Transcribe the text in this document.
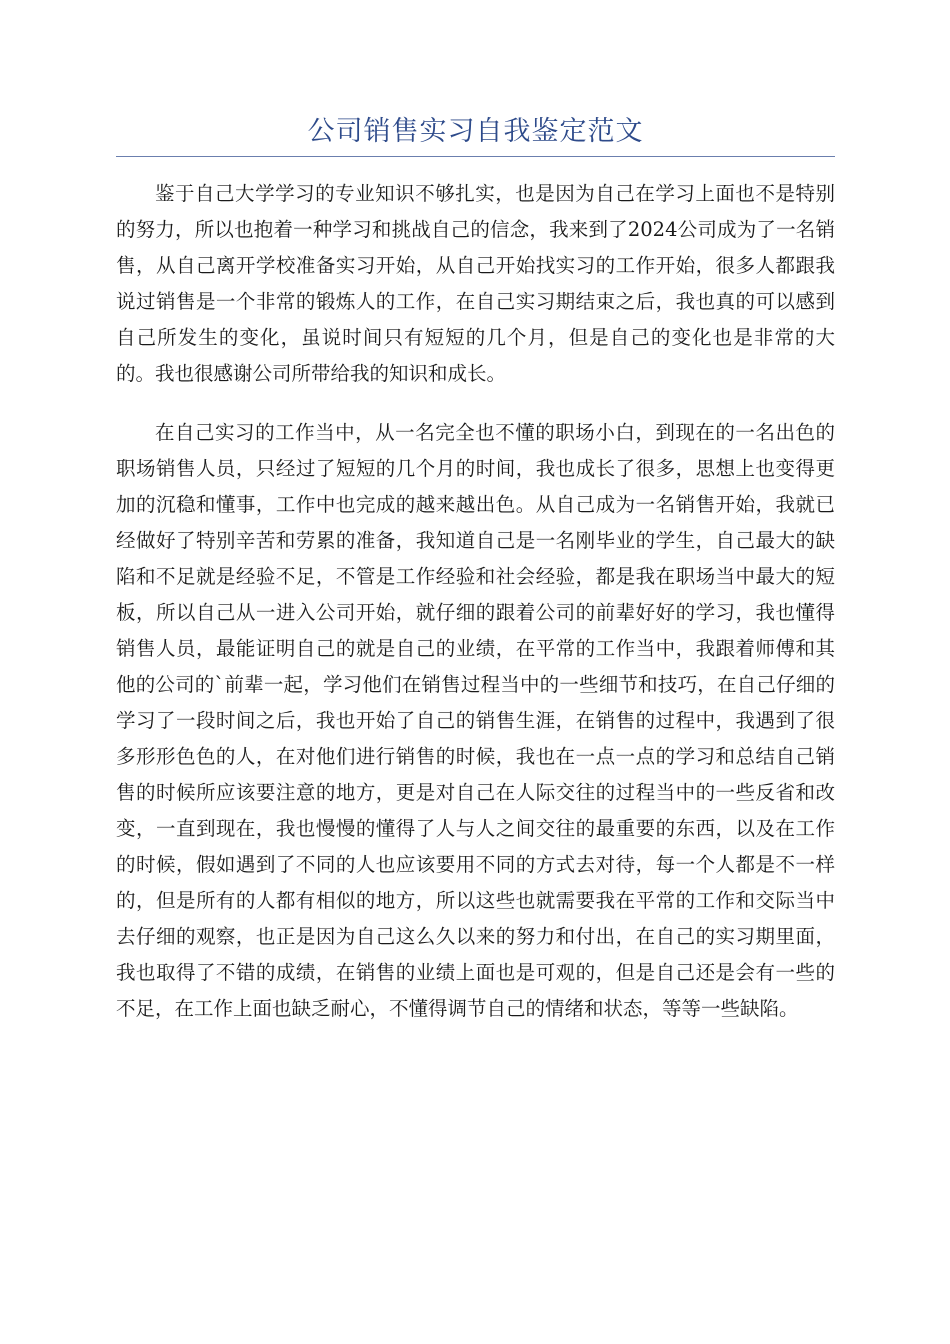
公司销售实习自我鉴定范文

鉴于自己大学学习的专业知识不够扎实，也是因为自己在学习上面也不是特别的努力，所以也抱着一种学习和挑战自己的信念，我来到了2024公司成为了一名销售，从自己离开学校准备实习开始，从自己开始找实习的工作开始，很多人都跟我说过销售是一个非常的锻炼人的工作，在自己实习期结束之后，我也真的可以感到自己所发生的变化，虽说时间只有短短的几个月，但是自己的变化也是非常的大的。我也很感谢公司所带给我的知识和成长。

在自己实习的工作当中，从一名完全也不懂的职场小白，到现在的一名出色的职场销售人员，只经过了短短的几个月的时间，我也成长了很多，思想上也变得更加的沉稳和懂事，工作中也完成的越来越出色。从自己成为一名销售开始，我就已经做好了特别辛苦和劳累的准备，我知道自己是一名刚毕业的学生，自己最大的缺陷和不足就是经验不足，不管是工作经验和社会经验，都是我在职场当中最大的短板，所以自己从一进入公司开始，就仔细的跟着公司的前辈好好的学习，我也懂得销售人员，最能证明自己的就是自己的业绩，在平常的工作当中，我跟着师傅和其他的公司的`前辈一起，学习他们在销售过程当中的一些细节和技巧，在自己仔细的学习了一段时间之后，我也开始了自己的销售生涯，在销售的过程中，我遇到了很多形形色色的人，在对他们进行销售的时候，我也在一点一点的学习和总结自己销售的时候所应该要注意的地方，更是对自己在人际交往的过程当中的一些反省和改变，一直到现在，我也慢慢的懂得了人与人之间交往的最重要的东西，以及在工作的时候，假如遇到了不同的人也应该要用不同的方式去对待，每一个人都是不一样的，但是所有的人都有相似的地方，所以这些也就需要我在平常的工作和交际当中去仔细的观察，也正是因为自己这么久以来的努力和付出，在自己的实习期里面，我也取得了不错的成绩，在销售的业绩上面也是可观的，但是自己还是会有一些的不足，在工作上面也缺乏耐心，不懂得调节自己的情绪和状态，等等一些缺陷。
